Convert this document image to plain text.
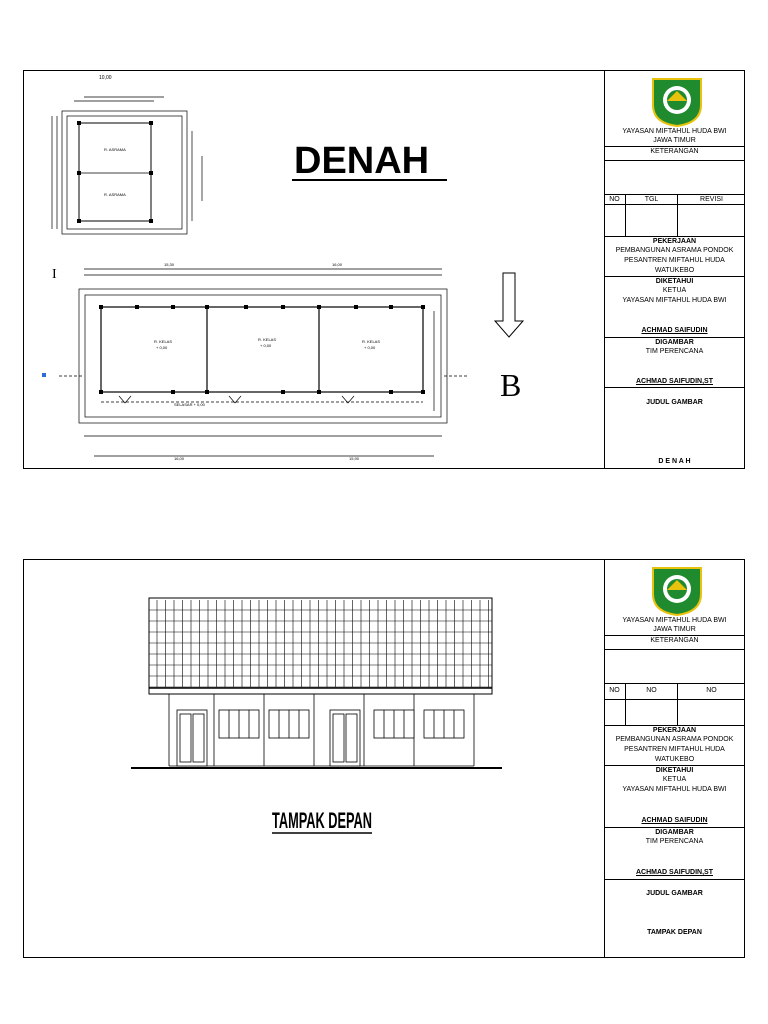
10,00
R. ASRAMA
R. ASRAMA
DENAH
15,30	16,00
R. KELAS
+ 0,00
R. KELAS
+ 0,00
R. KELAS
+ 0,00
SELASAR + 0,00
16,00	15,90
B
I
YAYASAN MIFTAHUL HUDA BWI
JAWA TIMUR
KETERANGAN
NO	TGL	REVISI
PEKERJAAN
PEMBANGUNAN ASRAMA PONDOK
PESANTREN MIFTAHUL HUDA
WATUKEBO
DIKETAHUI
KETUA
YAYASAN MIFTAHUL HUDA BWI
ACHMAD SAIFUDIN
DIGAMBAR
TIM PERENCANA
ACHMAD SAIFUDIN,ST
JUDUL GAMBAR
D E N A H
TAMPAK DEPAN
YAYASAN MIFTAHUL HUDA BWI
JAWA TIMUR
KETERANGAN
NO	NO	NO
PEKERJAAN
PEMBANGUNAN ASRAMA PONDOK
PESANTREN MIFTAHUL HUDA
WATUKEBO
DIKETAHUI
KETUA
YAYASAN MIFTAHUL HUDA BWI
ACHMAD SAIFUDIN
DIGAMBAR
TIM PERENCANA
ACHMAD SAIFUDIN,ST
JUDUL GAMBAR
TAMPAK DEPAN
